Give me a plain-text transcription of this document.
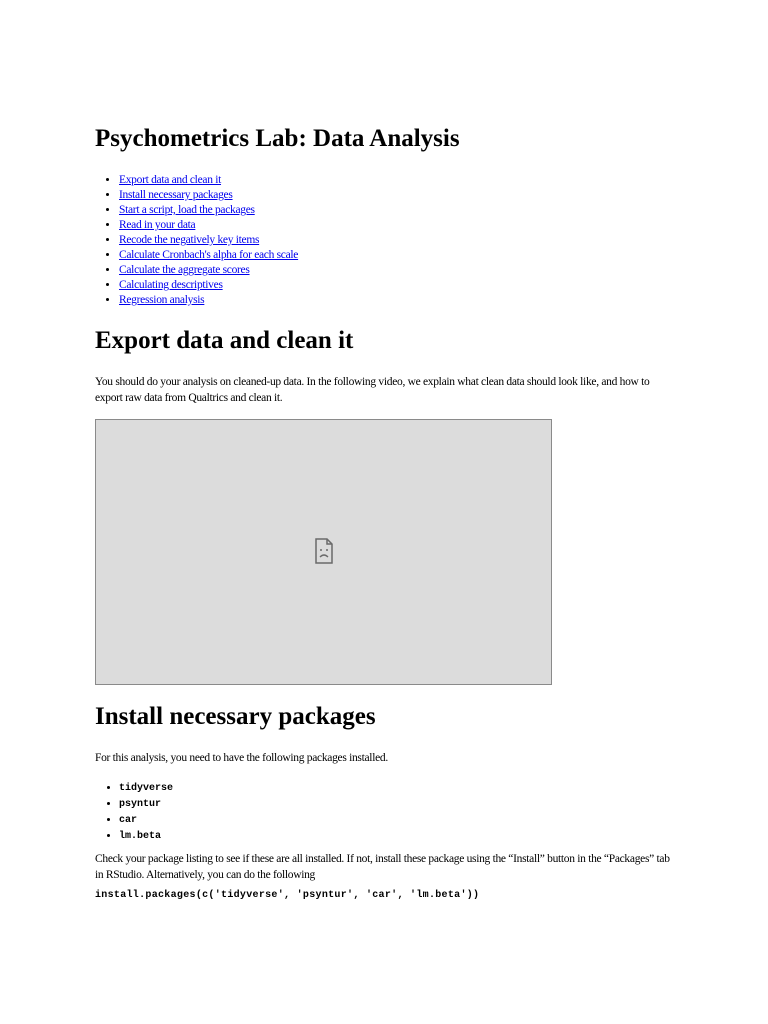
Psychometrics Lab: Data Analysis
• Export data and clean it
• Install necessary packages
• Start a script, load the packages
• Read in your data
• Recode the negatively key items
• Calculate Cronbach's alpha for each scale
• Calculate the aggregate scores
• Calculating descriptives
• Regression analysis
Export data and clean it

You should do your analysis on cleaned-up data. In the following video, we explain what clean data should look like, and how to export raw data from Qualtrics and clean it.

Install necessary packages

For this analysis, you need to have the following packages installed.

• tidyverse
• psyntur
• car
• lm.beta

Check your package listing to see if these are all installed. If not, install these package using the “Install” button in the “Packages” tab in RStudio. Alternatively, you can do the following

install.packages(c('tidyverse', 'psyntur', 'car', 'lm.beta'))
